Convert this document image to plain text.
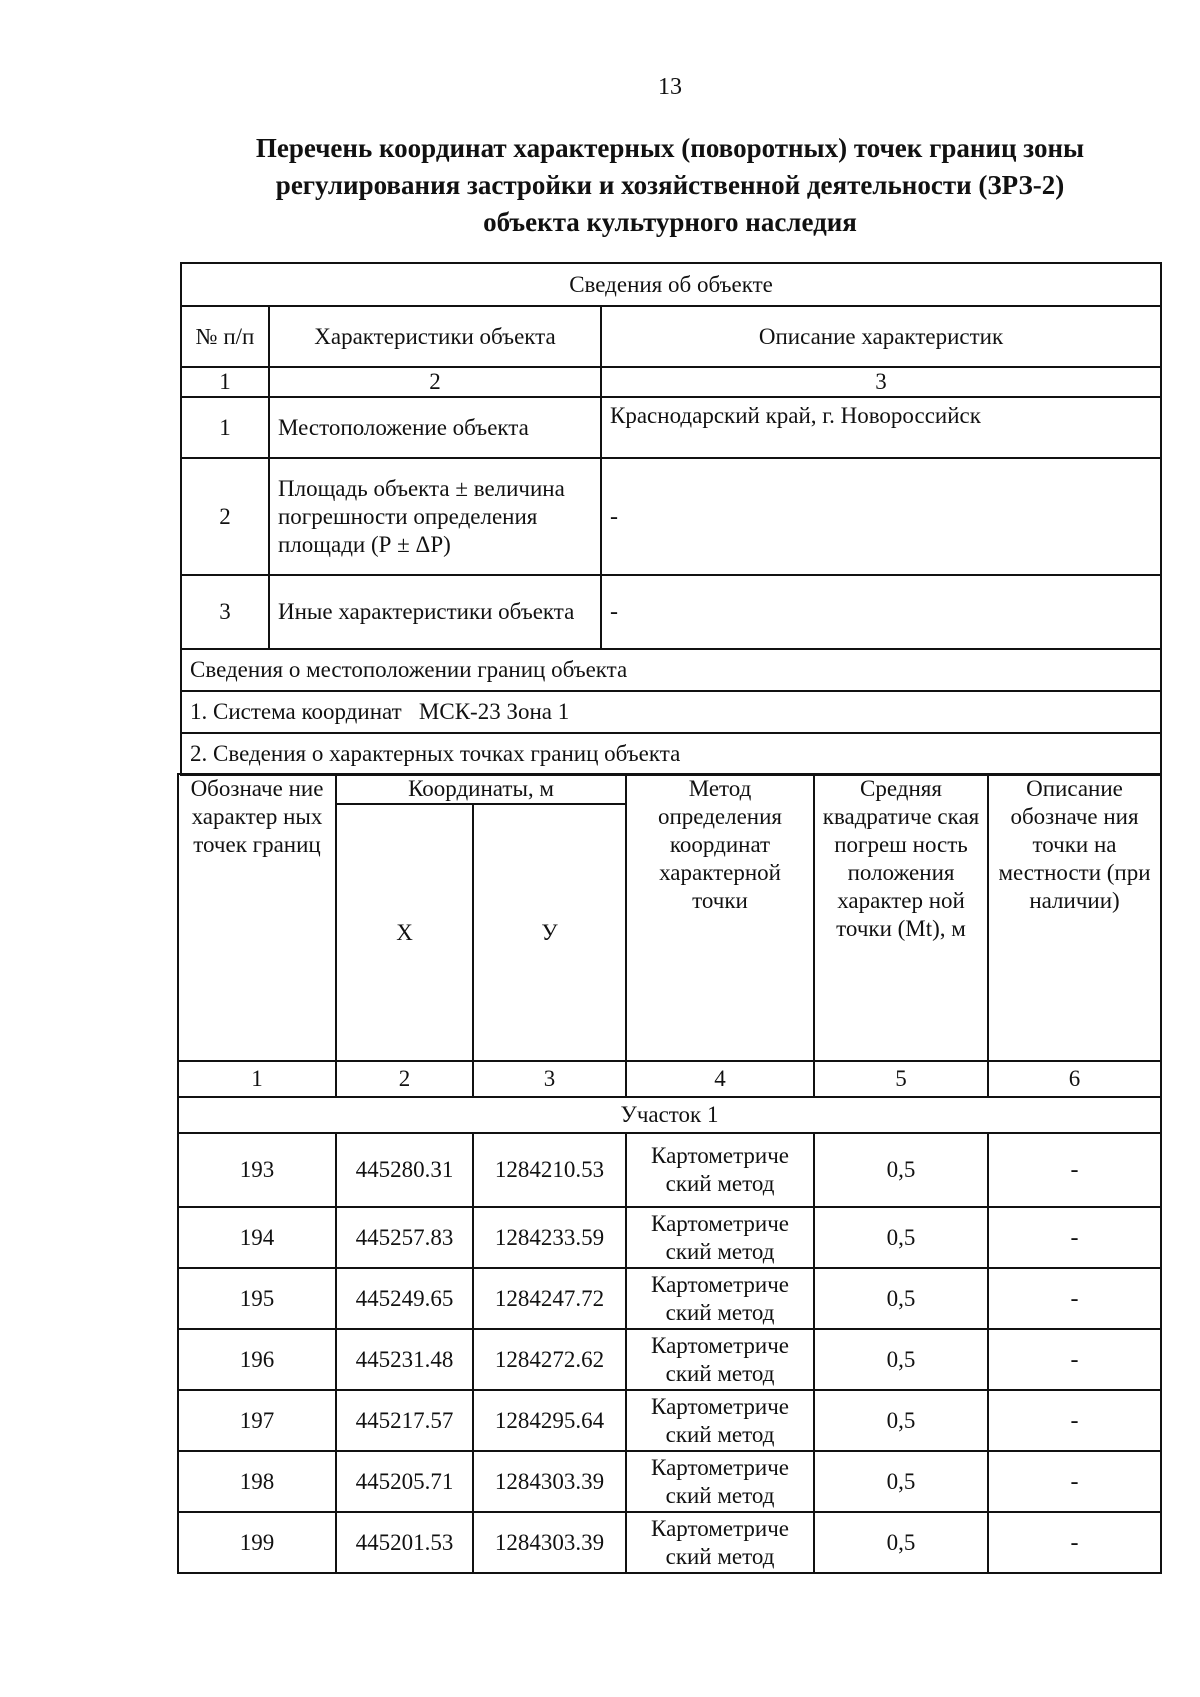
13
Перечень координат характерных (поворотных) точек границ зоны
регулирования застройки и хозяйственной деятельности (ЗРЗ-2)
объекта культурного наследия
Сведения об объекте		
№ п/п	Характеристики объекта	Описание характеристик
1	2	3
1	Местоположение объекта	Краснодарский край, г. Новороссийск
2	Площадь объекта ± величина погрешности определения площади (Р ± ΔР)	-
3	Иные характеристики объекта	-
Сведения о местоположении границ объекта		
1. Система координат   МСК-23 Зона 1		
2. Сведения о характерных точках границ объекта		
Обозначе ние характер ных точек границ	Координаты, м		Метод определения координат характерной точки	Средняя квадратиче ская погреш ность положения характер ной точки (Mt), м	Описание обозначе ния точки на местности (при наличии)
	Х	У			
1	2	3	4	5	6
Участок 1					
193	445280.31	1284210.53	Картометриче ский метод	0,5	-
194	445257.83	1284233.59	Картометриче ский метод	0,5	-
195	445249.65	1284247.72	Картометриче ский метод	0,5	-
196	445231.48	1284272.62	Картометриче ский метод	0,5	-
197	445217.57	1284295.64	Картометриче ский метод	0,5	-
198	445205.71	1284303.39	Картометриче ский метод	0,5	-
199	445201.53	1284303.39	Картометриче ский метод	0,5	-
